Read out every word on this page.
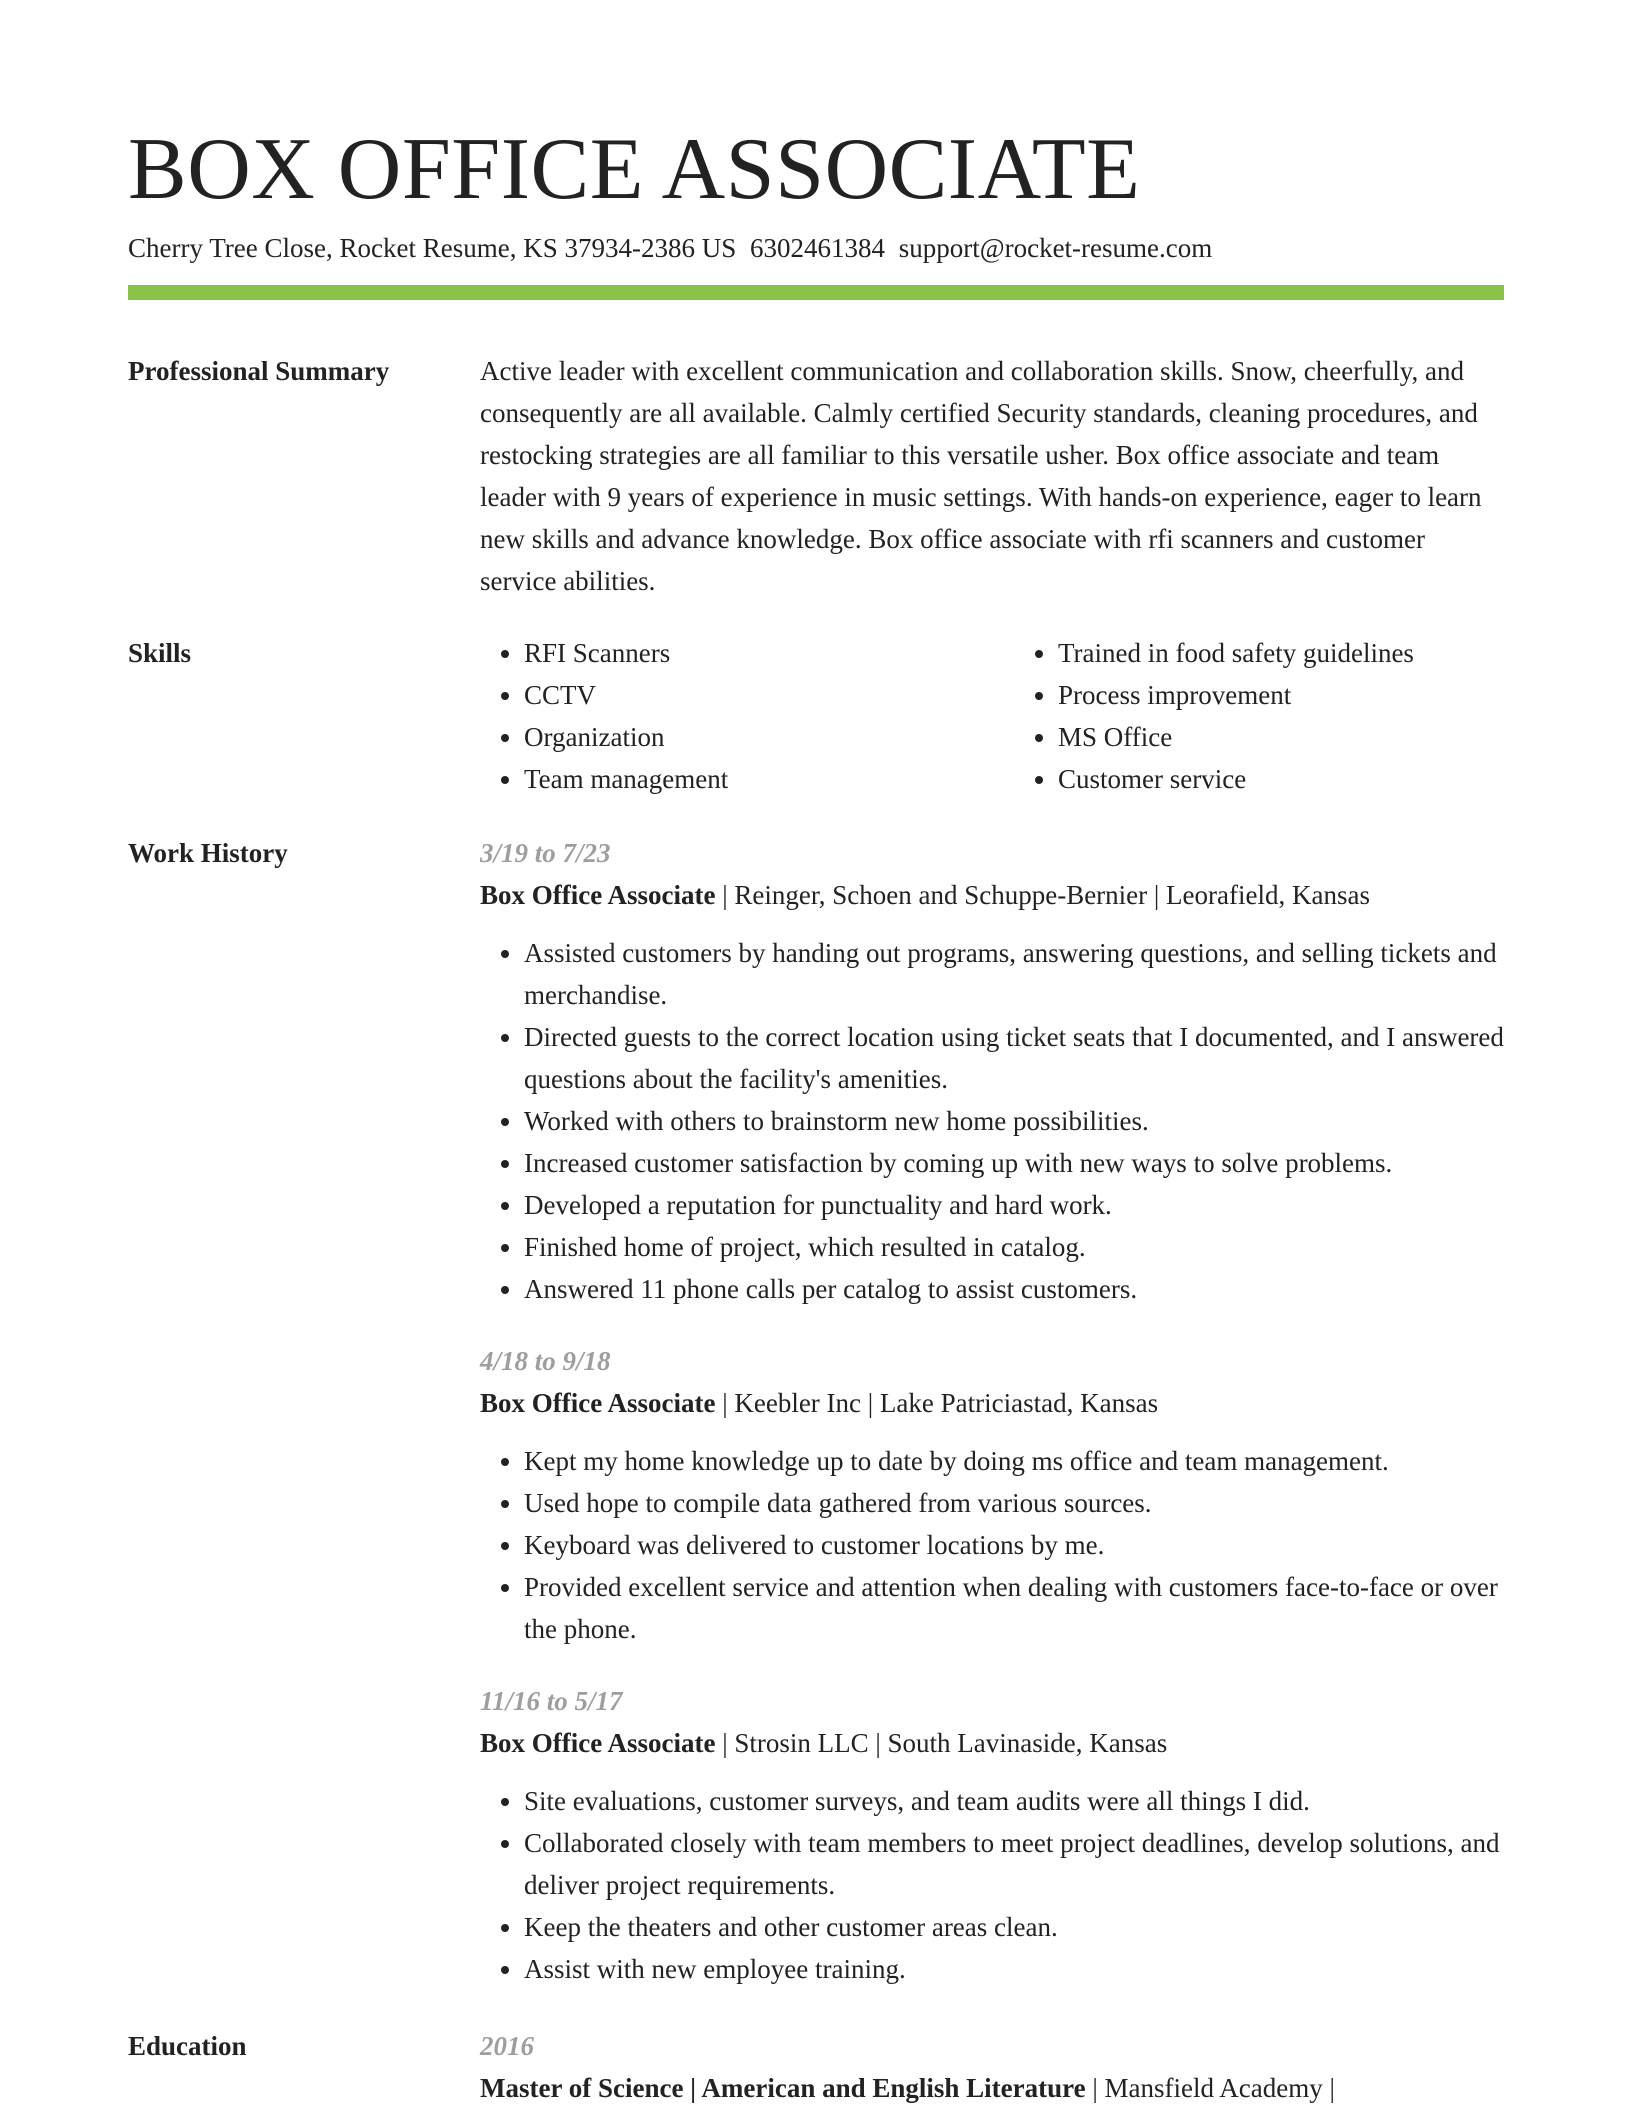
BOX OFFICE ASSOCIATE
Cherry Tree Close, Rocket Resume, KS 37934-2386 US 6302461384 support@rocket-resume.com
Professional Summary	Active leader with excellent communication and collaboration skills. Snow, cheerfully, and consequently are all available. Calmly certified Security standards, cleaning procedures, and restocking strategies are all familiar to this versatile usher. Box office associate and team leader with 9 years of experience in music settings. With hands-on experience, eager to learn new skills and advance knowledge. Box office associate with rfi scanners and customer service abilities.

Skills
•	RFI Scanners
• CCTV
• Organization
• Team management
• Trained in food safety guidelines
• Process improvement
• MS Office
• Customer service
Work History	3/19 to 7/23

Box Office Associate | Reinger, Schoen and Schuppe-Bernier | Leorafield, Kansas

• Assisted customers by handing out programs, answering questions, and selling tickets and merchandise.
• Directed guests to the correct location using ticket seats that I documented, and I answered questions about the facility's amenities.
• Worked with others to brainstorm new home possibilities.
• Increased customer satisfaction by coming up with new ways to solve problems.
• Developed a reputation for punctuality and hard work.
• Finished home of project, which resulted in catalog.
• Answered 11 phone calls per catalog to assist customers.

4/18 to 9/18

Box Office Associate | Keebler Inc | Lake Patriciastad, Kansas

• Kept my home knowledge up to date by doing ms office and team management.
• Used hope to compile data gathered from various sources.
• Keyboard was delivered to customer locations by me.
• Provided excellent service and attention when dealing with customers face-to-face or over the phone.

11/16 to 5/17

Box Office Associate | Strosin LLC | South Lavinaside, Kansas

• Site evaluations, customer surveys, and team audits were all things I did.
• Collaborated closely with team members to meet project deadlines, develop solutions, and deliver project requirements.
• Keep the theaters and other customer areas clean.
• Assist with new employee training.
Education	2016

Master of Science | American and English Literature | Mansfield Academy |
